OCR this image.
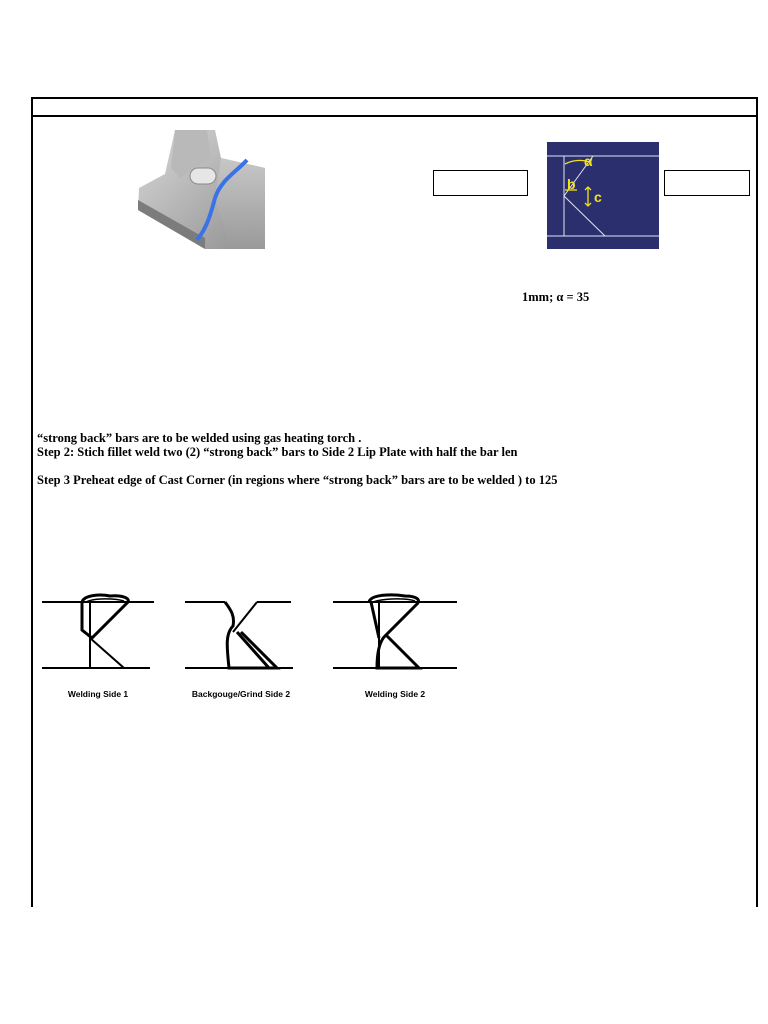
α
b
c
1mm; α = 35
“strong back” bars are to be welded using gas heating torch .
Step 2: Stich fillet weld two (2) “strong back” bars to Side 2 Lip Plate with half the bar len
Step 3 Preheat edge of Cast Corner (in regions where “strong back” bars are to be welded ) to 125
Welding Side 1	Backgouge/Grind Side 2	Welding Side 2
